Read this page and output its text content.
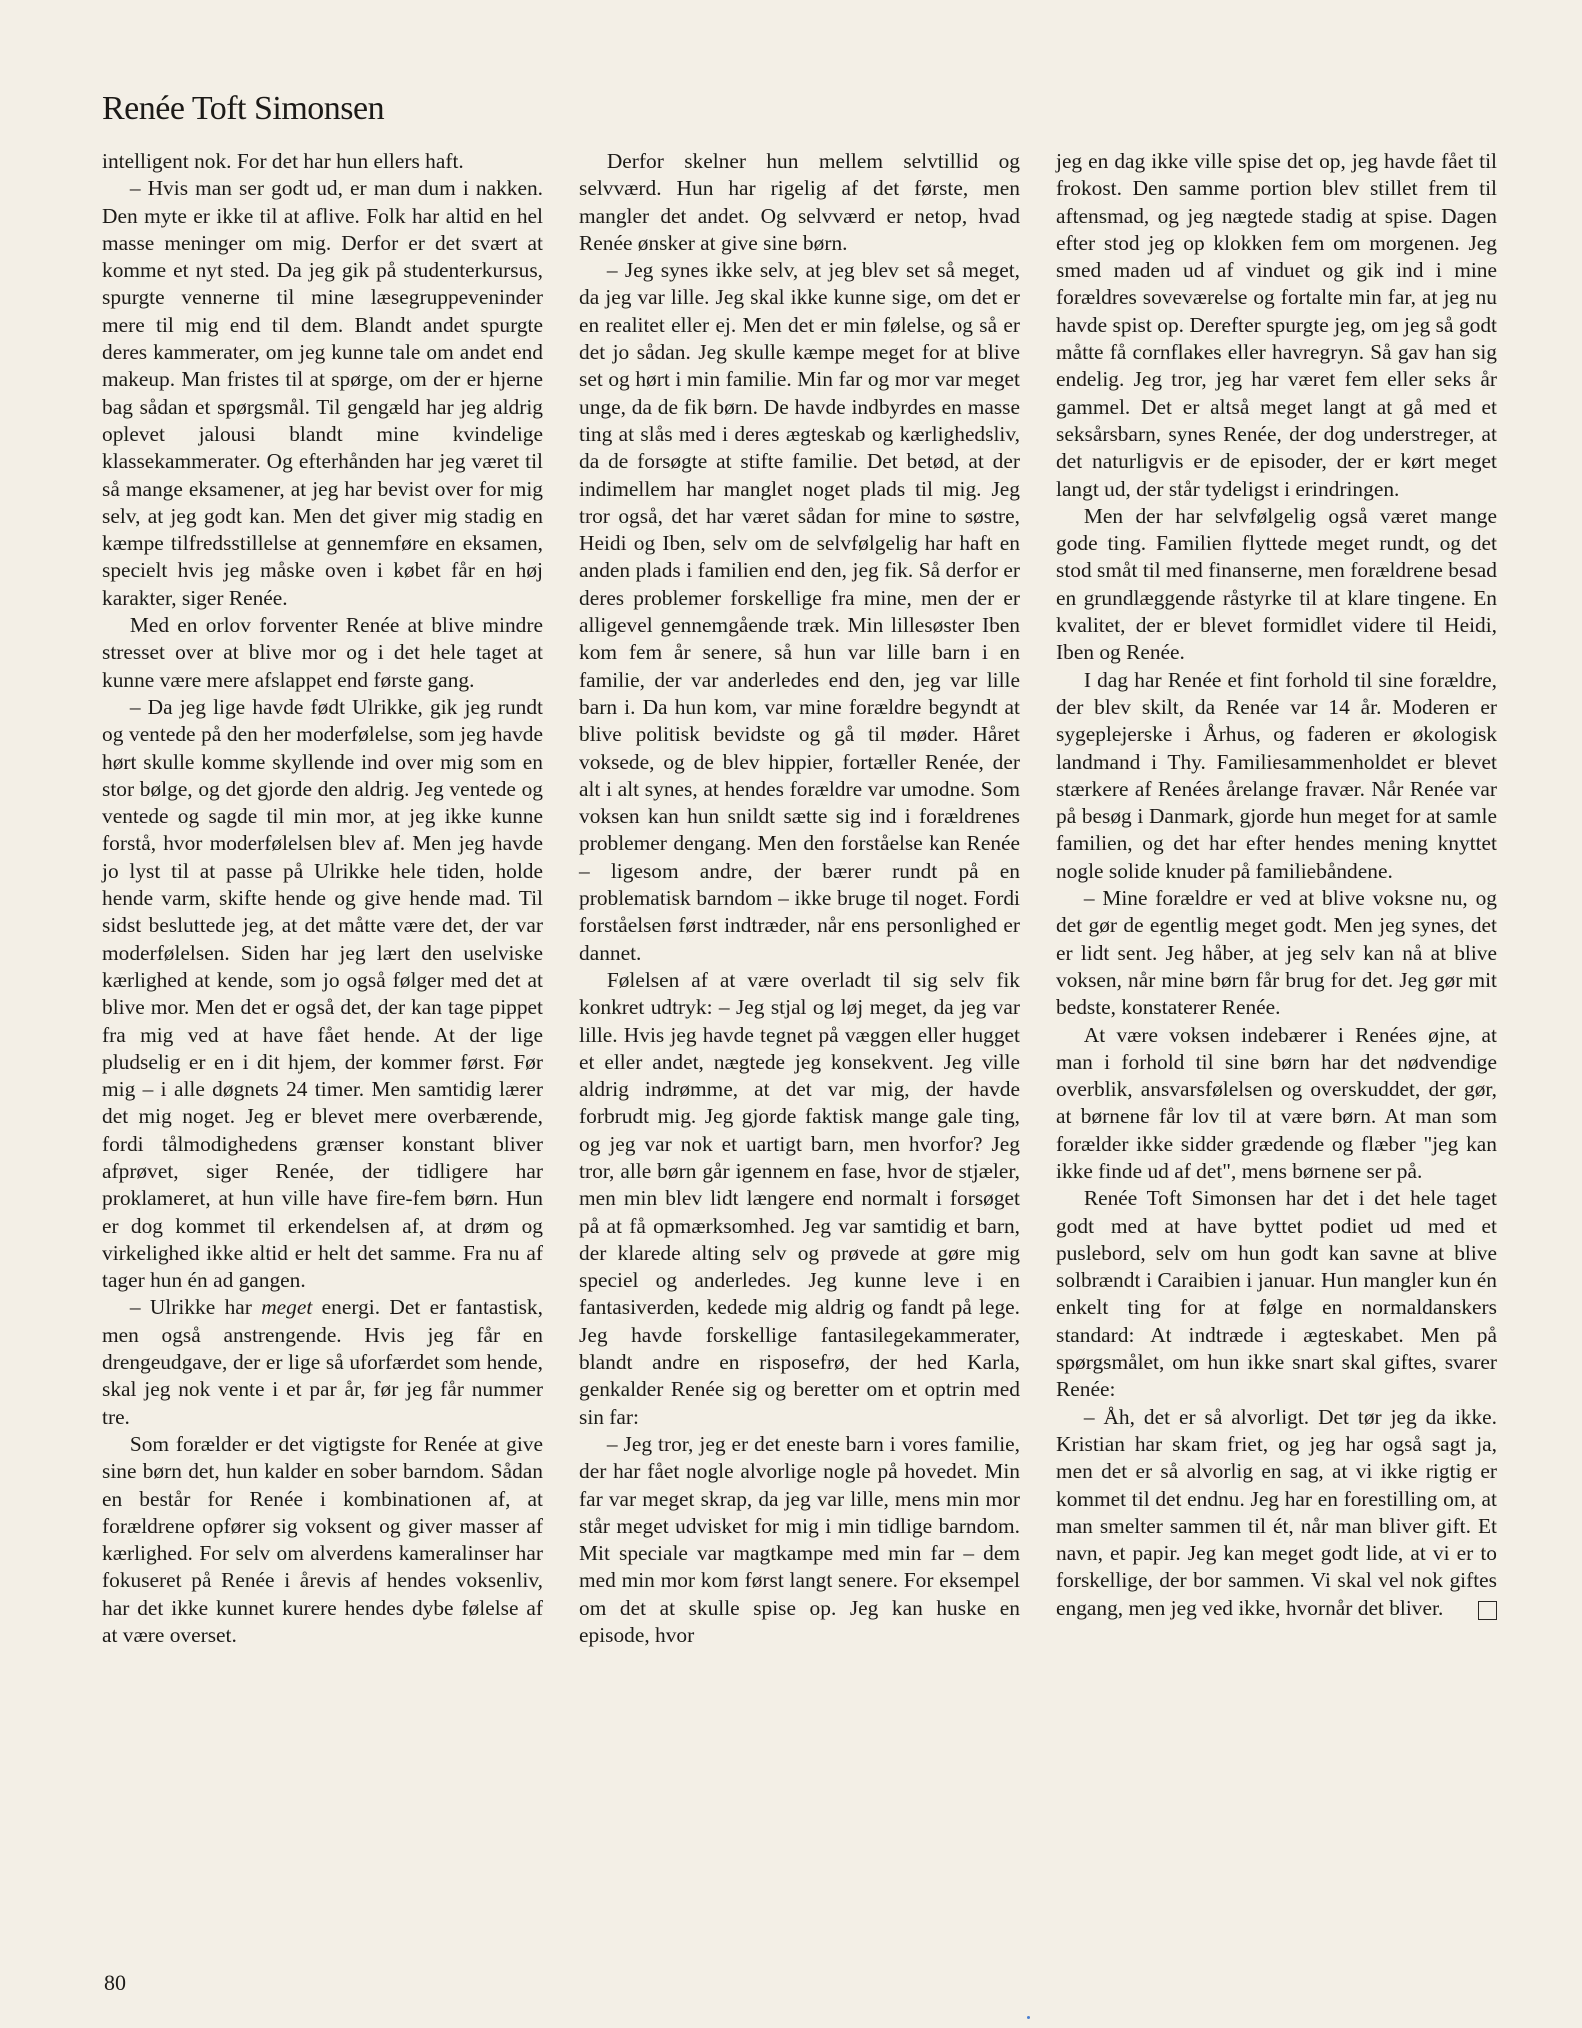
Renée Toft Simonsen

intelligent nok. For det har hun ellers haft.

– Hvis man ser godt ud, er man dum i nakken. Den myte er ikke til at aflive. Folk har altid en hel masse meninger om mig. Derfor er det svært at komme et nyt sted. Da jeg gik på studenterkursus, spurgte vennerne til mine læsegruppeveninder mere til mig end til dem. Blandt andet spurgte deres kammerater, om jeg kunne tale om andet end makeup. Man fristes til at spørge, om der er hjerne bag sådan et spørgsmål. Til gengæld har jeg aldrig oplevet jalousi blandt mine kvindelige klassekammerater. Og efterhånden har jeg været til så mange eksamener, at jeg har bevist over for mig selv, at jeg godt kan. Men det giver mig stadig en kæmpe tilfredsstillelse at gennemføre en eksamen, specielt hvis jeg måske oven i købet får en høj karakter, siger Renée.

Med en orlov forventer Renée at blive mindre stresset over at blive mor og i det hele taget at kunne være mere afslappet end første gang.

– Da jeg lige havde født Ulrikke, gik jeg rundt og ventede på den her moderfølelse, som jeg havde hørt skulle komme skyllende ind over mig som en stor bølge, og det gjorde den aldrig. Jeg ventede og ventede og sagde til min mor, at jeg ikke kunne forstå, hvor moderfølelsen blev af. Men jeg havde jo lyst til at passe på Ulrikke hele tiden, holde hende varm, skifte hende og give hende mad. Til sidst besluttede jeg, at det måtte være det, der var moderfølelsen. Siden har jeg lært den uselviske kærlighed at kende, som jo også følger med det at blive mor. Men det er også det, der kan tage pippet fra mig ved at have fået hende. At der lige pludselig er en i dit hjem, der kommer først. Før mig – i alle døgnets 24 timer. Men samtidig lærer det mig noget. Jeg er blevet mere overbærende, fordi tålmodighedens grænser konstant bliver afprøvet, siger Renée, der tidligere har proklameret, at hun ville have fire-fem børn. Hun er dog kommet til erkendelsen af, at drøm og virkelighed ikke altid er helt det samme. Fra nu af tager hun én ad gangen.

– Ulrikke har meget energi. Det er fantastisk, men også anstrengende. Hvis jeg får en drengeudgave, der er lige så uforfærdet som hende, skal jeg nok vente i et par år, før jeg får nummer tre.

Som forælder er det vigtigste for Renée at give sine børn det, hun kalder en sober barndom. Sådan en består for Renée i kombinationen af, at forældrene opfører sig voksent og giver masser af kærlighed. For selv om alverdens kameralinser har fokuseret på Renée i årevis af hendes voksenliv, har det ikke kunnet kurere hendes dybe følelse af at være overset.

Derfor skelner hun mellem selvtillid og selvværd. Hun har rigelig af det første, men mangler det andet. Og selvværd er netop, hvad Renée ønsker at give sine børn.

– Jeg synes ikke selv, at jeg blev set så meget, da jeg var lille. Jeg skal ikke kunne sige, om det er en realitet eller ej. Men det er min følelse, og så er det jo sådan. Jeg skulle kæmpe meget for at blive set og hørt i min familie. Min far og mor var meget unge, da de fik børn. De havde indbyrdes en masse ting at slås med i deres ægteskab og kærlighedsliv, da de forsøgte at stifte familie. Det betød, at der indimellem har manglet noget plads til mig. Jeg tror også, det har været sådan for mine to søstre, Heidi og Iben, selv om de selvfølgelig har haft en anden plads i familien end den, jeg fik. Så derfor er deres problemer forskellige fra mine, men der er alligevel gennemgående træk. Min lillesøster Iben kom fem år senere, så hun var lille barn i en familie, der var anderledes end den, jeg var lille barn i. Da hun kom, var mine forældre begyndt at blive politisk bevidste og gå til møder. Håret voksede, og de blev hippier, fortæller Renée, der alt i alt synes, at hendes forældre var umodne. Som voksen kan hun snildt sætte sig ind i forældrenes problemer dengang. Men den forståelse kan Renée – ligesom andre, der bærer rundt på en problematisk barndom – ikke bruge til noget. Fordi forståelsen først indtræder, når ens personlighed er dannet.

Følelsen af at være overladt til sig selv fik konkret udtryk: – Jeg stjal og løj meget, da jeg var lille. Hvis jeg havde tegnet på væggen eller hugget et eller andet, nægtede jeg konsekvent. Jeg ville aldrig indrømme, at det var mig, der havde forbrudt mig. Jeg gjorde faktisk mange gale ting, og jeg var nok et uartigt barn, men hvorfor? Jeg tror, alle børn går igennem en fase, hvor de stjæler, men min blev lidt længere end normalt i forsøget på at få opmærksomhed. Jeg var samtidig et barn, der klarede alting selv og prøvede at gøre mig speciel og anderledes. Jeg kunne leve i en fantasiverden, kedede mig aldrig og fandt på lege. Jeg havde forskellige fantasilegekammerater, blandt andre en risposefrø, der hed Karla, genkalder Renée sig og beretter om et optrin med sin far:

– Jeg tror, jeg er det eneste barn i vores familie, der har fået nogle alvorlige nogle på hovedet. Min far var meget skrap, da jeg var lille, mens min mor står meget udvisket for mig i min tidlige barndom. Mit speciale var magtkampe med min far – dem med min mor kom først langt senere. For eksempel om det at skulle spise op. Jeg kan huske en episode, hvor

jeg en dag ikke ville spise det op, jeg havde fået til frokost. Den samme portion blev stillet frem til aftensmad, og jeg nægtede stadig at spise. Dagen efter stod jeg op klokken fem om morgenen. Jeg smed maden ud af vinduet og gik ind i mine forældres soveværelse og fortalte min far, at jeg nu havde spist op. Derefter spurgte jeg, om jeg så godt måtte få cornflakes eller havregryn. Så gav han sig endelig. Jeg tror, jeg har været fem eller seks år gammel. Det er altså meget langt at gå med et seksårsbarn, synes Renée, der dog understreger, at det naturligvis er de episoder, der er kørt meget langt ud, der står tydeligst i erindringen.

Men der har selvfølgelig også været mange gode ting. Familien flyttede meget rundt, og det stod småt til med finanserne, men forældrene besad en grundlæggende råstyrke til at klare tingene. En kvalitet, der er blevet formidlet videre til Heidi, Iben og Renée.

I dag har Renée et fint forhold til sine forældre, der blev skilt, da Renée var 14 år. Moderen er sygeplejerske i Århus, og faderen er økologisk landmand i Thy. Familiesammenholdet er blevet stærkere af Renées årelange fravær. Når Renée var på besøg i Danmark, gjorde hun meget for at samle familien, og det har efter hendes mening knyttet nogle solide knuder på familiebåndene.

– Mine forældre er ved at blive voksne nu, og det gør de egentlig meget godt. Men jeg synes, det er lidt sent. Jeg håber, at jeg selv kan nå at blive voksen, når mine børn får brug for det. Jeg gør mit bedste, konstaterer Renée.

At være voksen indebærer i Renées øjne, at man i forhold til sine børn har det nødvendige overblik, ansvarsfølelsen og overskuddet, der gør, at børnene får lov til at være børn. At man som forælder ikke sidder grædende og flæber "jeg kan ikke finde ud af det", mens børnene ser på.

Renée Toft Simonsen har det i det hele taget godt med at have byttet podiet ud med et puslebord, selv om hun godt kan savne at blive solbrændt i Caraibien i januar. Hun mangler kun én enkelt ting for at følge en normaldanskers standard: At indtræde i ægteskabet. Men på spørgsmålet, om hun ikke snart skal giftes, svarer Renée:

– Åh, det er så alvorligt. Det tør jeg da ikke. Kristian har skam friet, og jeg har også sagt ja, men det er så alvorlig en sag, at vi ikke rigtig er kommet til det endnu. Jeg har en forestilling om, at man smelter sammen til ét, når man bliver gift. Et navn, et papir. Jeg kan meget godt lide, at vi er to forskellige, der bor sammen. Vi skal vel nok giftes engang, men jeg ved ikke, hvornår det bliver.

80
